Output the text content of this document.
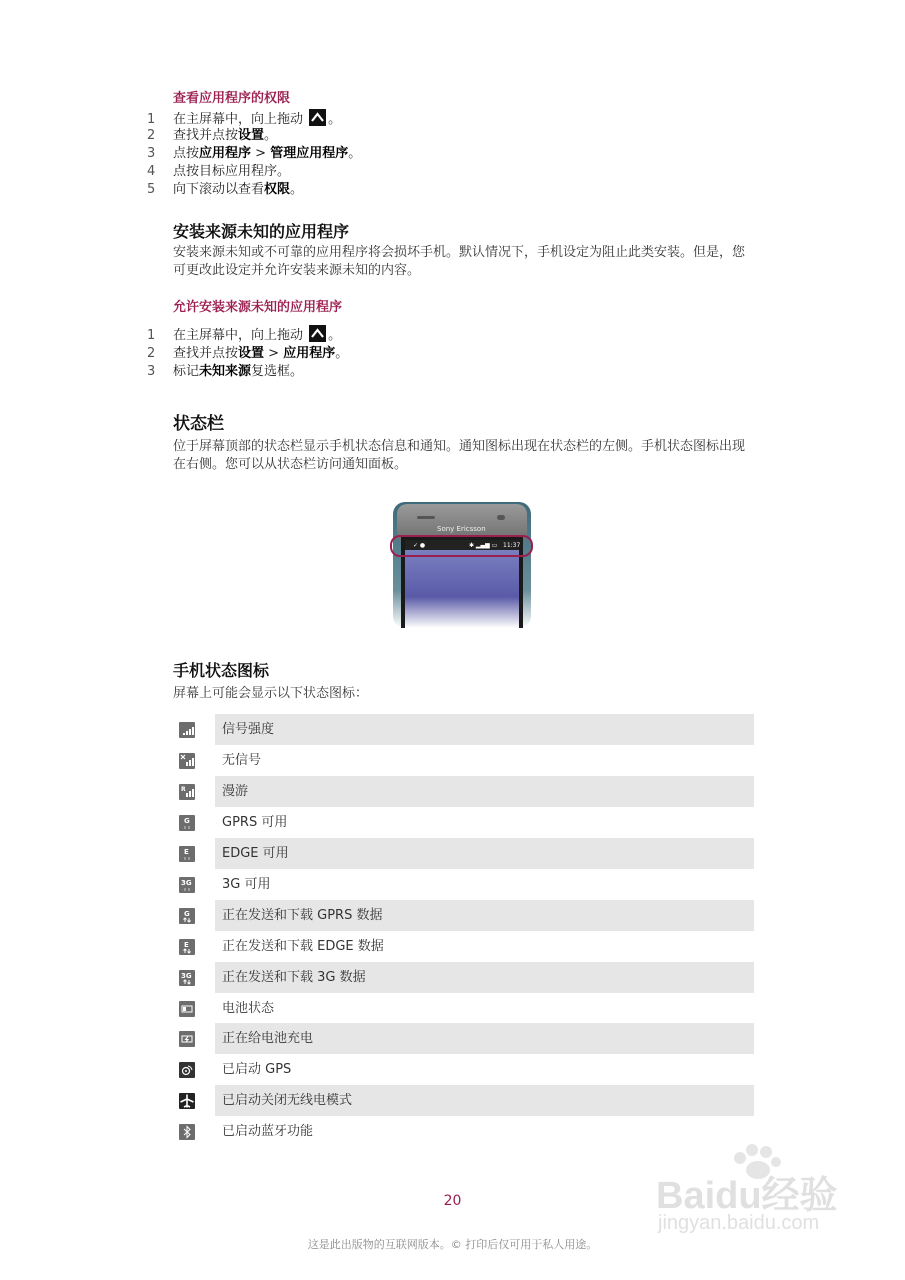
查看应用程序的权限
1 在主屏幕中，向上拖动
。
2 查找并点按设置。
3 点按应用程序 > 管理应用程序。
4 点按目标应用程序。
5 向下滚动以查看权限。
安装来源未知的应用程序
安装来源未知或不可靠的应用程序将会损坏手机。默认情况下，手机设定为阻止此类安装。但是，您可更改此设定并允许安装来源未知的内容。
允许安装来源未知的应用程序
1 在主屏幕中，向上拖动
。
2 查找并点按设置 > 应用程序。
3 标记未知来源复选框。
状态栏
位于屏幕顶部的状态栏显示手机状态信息和通知。通知图标出现在状态栏的左侧。手机状态图标出现在右侧。您可以从状态栏访问通知面板。
Sony Ericsson
11:37
✓ ●	✱ ▂▄▆ ▭
手机状态图标
屏幕上可能会显示以下状态图标：
信号强度
无信号
R	漫游
G GPRS 可用
E	EDGE 可用
3G 3G 可用
G 正在发送和下载 GPRS 数据
E	正在发送和下载 EDGE 数据
3G 正在发送和下载 3G 数据
电池状态
正在给电池充电
已启动 GPS
已启动关闭无线电模式
已启动蓝牙功能
20
这是此出版物的互联网版本。© 打印后仅可用于私人用途。
Baidu经验
jingyan.baidu.com
